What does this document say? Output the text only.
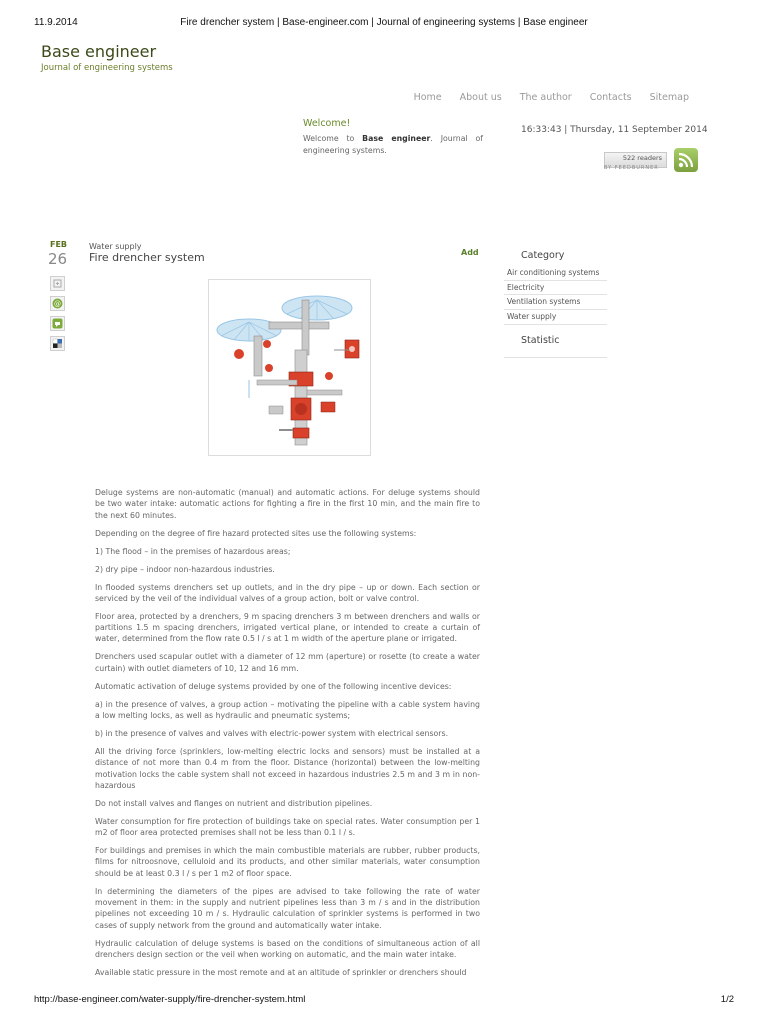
11.9.2014	Fire drencher system | Base-engineer.com | Journal of engineering systems | Base engineer
http://base-engineer.com/water-supply/fire-drencher-system.html	1/2
Base engineer
Journal of engineering systems
Home About us The author Contacts Sitemap
Welcome!
Welcome to Base engineer. Journal of engineering systems.
16:33:43 | Thursday, 11 September 2014
522 readers
BY FEEDBURNER
FEB
26
@
Water supply
Fire drencher system	Add

Deluge systems are non-automatic (manual) and automatic actions. For deluge systems should be two water intake: automatic actions for fighting a fire in the first 10 min, and the main fire to the next 60 minutes.

Depending on the degree of fire hazard protected sites use the following systems:

1) The flood – in the premises of hazardous areas;

2) dry pipe – indoor non-hazardous industries.

In flooded systems drenchers set up outlets, and in the dry pipe – up or down. Each section or serviced by the veil of the individual valves of a group action, bolt or valve control.

Floor area, protected by a drenchers, 9 m spacing drenchers 3 m between drenchers and walls or partitions 1.5 m spacing drenchers, irrigated vertical plane, or intended to create a curtain of water, determined from the flow rate 0.5 l / s at 1 m width of the aperture plane or irrigated.

Drenchers used scapular outlet with a diameter of 12 mm (aperture) or rosette (to create a water curtain) with outlet diameters of 10, 12 and 16 mm.

Automatic activation of deluge systems provided by one of the following incentive devices:

a) in the presence of valves, a group action – motivating the pipeline with a cable system having a low melting locks, as well as hydraulic and pneumatic systems;

b) in the presence of valves and valves with electric-power system with electrical sensors.

All the driving force (sprinklers, low-melting electric locks and sensors) must be installed at a distance of not more than 0.4 m from the floor. Distance (horizontal) between the low-melting motivation locks the cable system shall not exceed in hazardous industries 2.5 m and 3 m in non-hazardous

Do not install valves and flanges on nutrient and distribution pipelines.

Water consumption for fire protection of buildings take on special rates. Water consumption per 1 m2 of floor area protected premises shall not be less than 0.1 l / s.

For buildings and premises in which the main combustible materials are rubber, rubber products, films for nitroosnove, celluloid and its products, and other similar materials, water consumption should be at least 0.3 l / s per 1 m2 of floor space.

In determining the diameters of the pipes are advised to take following the rate of water movement in them: in the supply and nutrient pipelines less than 3 m / s and in the distribution pipelines not exceeding 10 m / s. Hydraulic calculation of sprinkler systems is performed in two cases of supply network from the ground and automatically water intake.

Hydraulic calculation of deluge systems is based on the conditions of simultaneous action of all drenchers design section or the veil when working on automatic, and the main water intake.

Available static pressure in the most remote and at an altitude of sprinkler or drenchers should

Category
Air conditioning systems
Electricity
Ventilation systems
Water supply
Statistic
